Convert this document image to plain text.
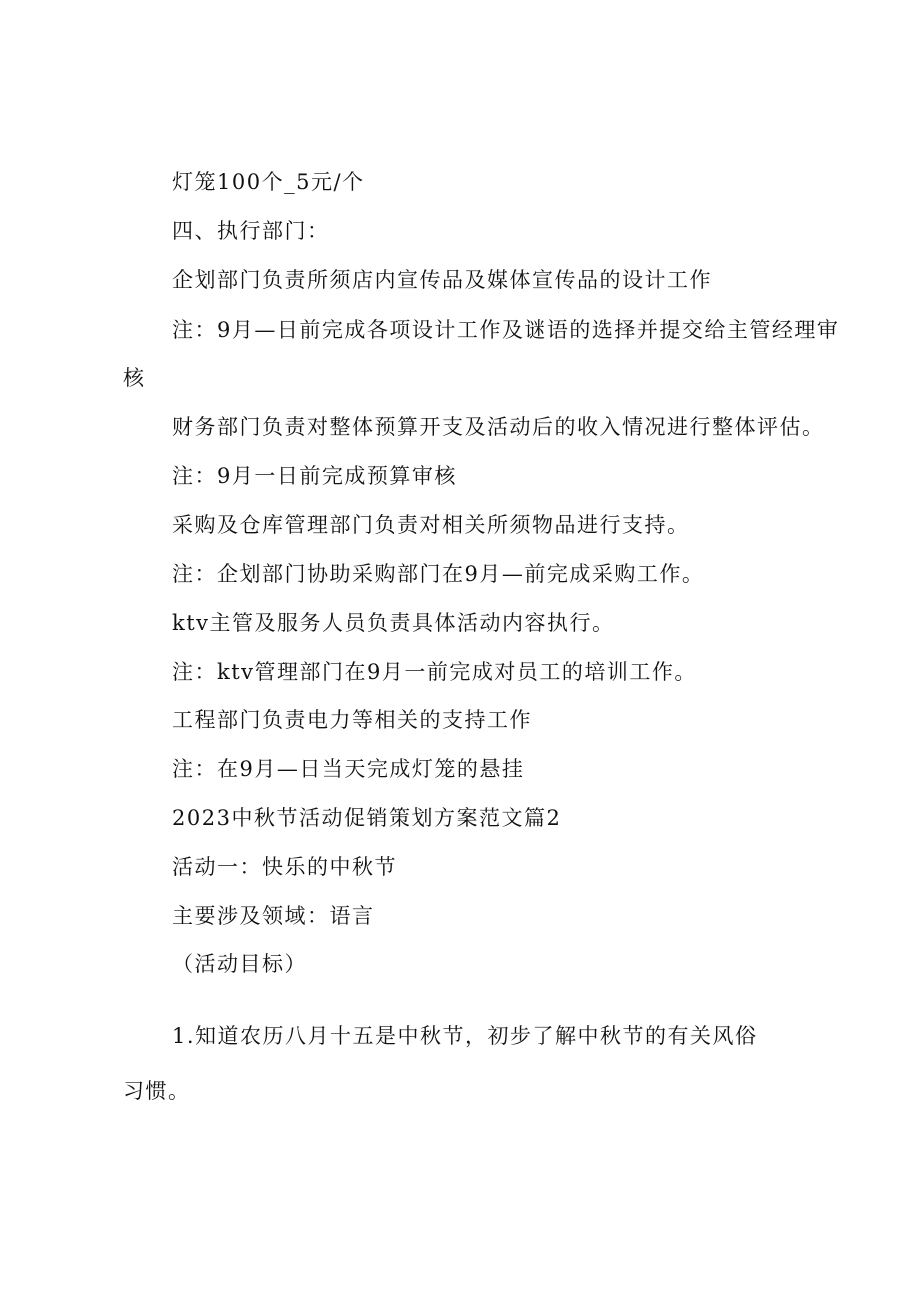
灯笼100个_5元/个
四、执行部门：
企划部门负责所须店内宣传品及媒体宣传品的设计工作
注：9月—日前完成各项设计工作及谜语的选择并提交给主管经理审
核
财务部门负责对整体预算开支及活动后的收入情况进行整体评估。
注：9月一日前完成预算审核
采购及仓库管理部门负责对相关所须物品进行支持。
注：企划部门协助采购部门在9月—前完成采购工作。
ktv主管及服务人员负责具体活动内容执行。
注：ktv管理部门在9月一前完成对员工的培训工作。
工程部门负责电力等相关的支持工作
注：在9月—日当天完成灯笼的悬挂
2023中秋节活动促销策划方案范文篇2
活动一：快乐的中秋节
主要涉及领域：语言
（活动目标）
1.知道农历八月十五是中秋节，初步了解中秋节的有关风俗
习惯。
